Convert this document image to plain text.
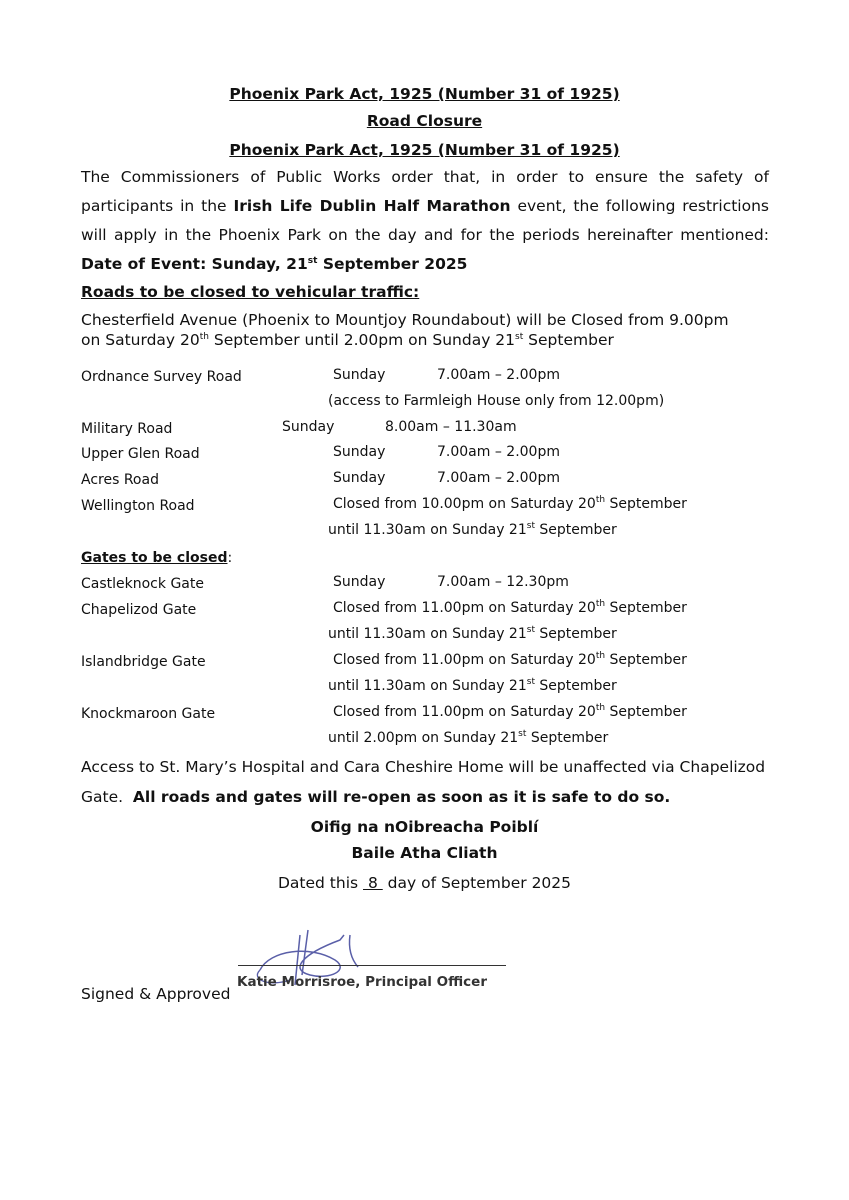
Phoenix Park Act, 1925 (Number 31 of 1925)
Road Closure
Phoenix Park Act, 1925 (Number 31 of 1925)
The Commissioners of Public Works order that, in order to ensure the safety of
participants in the Irish Life Dublin Half Marathon event, the following restrictions
will apply in the Phoenix Park on the day and for the periods hereinafter mentioned:
Date of Event: Sunday, 21st September 2025
Roads to be closed to vehicular traffic:
Chesterfield Avenue (Phoenix to Mountjoy Roundabout) will be Closed from 9.00pm
on Saturday 20th September until 2.00pm on Sunday 21st September
Ordnance Survey Road	Sunday	7.00am – 2.00pm
(access to Farmleigh House only from 12.00pm)
Military Road	Sunday	8.00am – 11.30am
Upper Glen Road	Sunday	7.00am – 2.00pm
Acres Road	Sunday	7.00am – 2.00pm
Wellington Road	Closed from 10.00pm on Saturday 20th September
until 11.30am on Sunday 21st September
Gates to be closed:
Castleknock Gate	Sunday	7.00am – 12.30pm
Chapelizod Gate	Closed from 11.00pm on Saturday 20th September
until 11.30am on Sunday 21st September
Islandbridge Gate	Closed from 11.00pm on Saturday 20th September
until 11.30am on Sunday 21st September
Knockmaroon Gate	Closed from 11.00pm on Saturday 20th September
until 2.00pm on Sunday 21st September
Access to St. Mary’s Hospital and Cara Cheshire Home will be unaffected via Chapelizod
Gate.  All roads and gates will re-open as soon as it is safe to do so.
Oifig na nOibreacha Poiblí
Baile Atha Cliath
Dated this  8  day of September 2025
Katie Morrisroe, Principal Officer
Signed & Approved
